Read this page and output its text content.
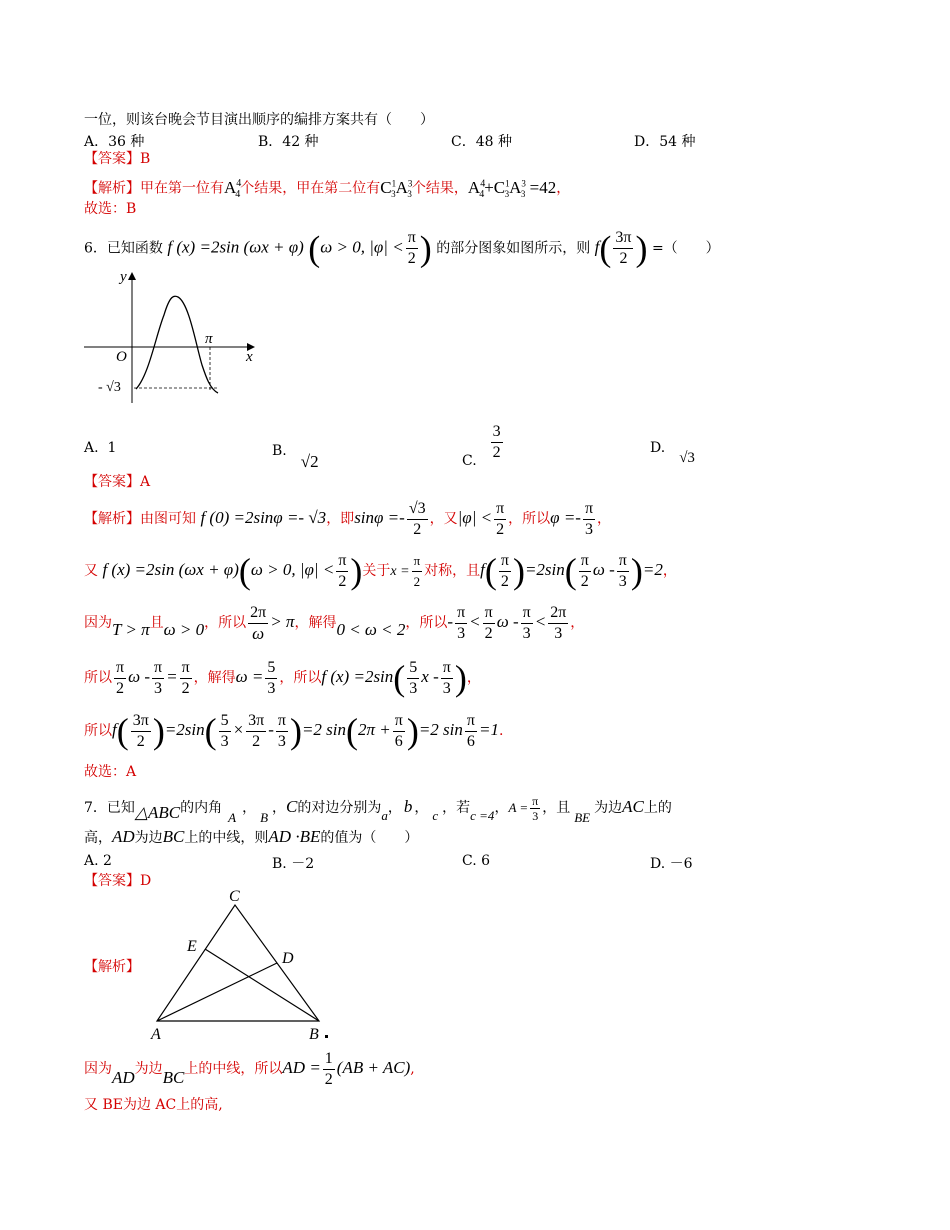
一位，则该台晚会节目演出顺序的编排方案共有（　　）
A．36 种	B．42 种	C．48 种	D．54 种
【答案】B
【解析】甲在第一位有$A^4_4$个结果，甲在第二位有$C^1_3A^3_3$个结果，$A^4_4+C^1_3A^3_3 =42$，
故选：B
6．已知函数 f (x) =2sin (ωx + φ) (ω > 0, $|\varphi| < \frac{\pi}{2}$ ) 的部分图象如图所示，则 $f( \frac{3\pi}{2}$ ) =（　　）
y
x
O
π
- √3
A. 1	B.√2	C. $\frac{3}{2}$	D.√3
【答案】A
【解析】由图可知 f (0) =2sinφ =- √3，即$\sin\varphi =- \frac{√3}{2}$ ，又$|\varphi| < \frac{\pi}{2}$ ，所以$\varphi =- \frac{\pi}{3}$ ，
又 f (x) =2sin (ωx + φ)(ω > 0, $|\varphi| < \frac{\pi}{2}$ )关于$x = \frac{\pi}{2}$ 对称，且$f( \frac{\pi}{2} )=2\sin( \frac{\pi}{2}$ $\omega - \frac{\pi}{3} )=2$，
因为T > π且ω > 0，所以 $\frac{2\pi}{\omega} > \pi$，解得0 < ω < 2，所以- $\frac{\pi}{3} < \frac{\pi}{2}$ $\omega - \frac{\pi}{3} < \frac{2\pi}{3}$ ，
所以 $\frac{\pi}{2}$ $\omega - \frac{\pi}{3} = \frac{\pi}{2}$ ，解得$\omega = \frac{5}{3}$ ，所以f $(x) =2\sin( \frac{5}{3}$ x - $\frac{\pi}{3}$ )，
所以$f( \frac{3\pi}{2} )=2\sin( \frac{5}{3} \times \frac{3\pi}{2} - \frac{\pi}{3} )=2$ $\sin(2\pi + \frac{\pi}{6} )=2$ $\sin \frac{\pi}{6} =1$.
故选：A
7．已知△ABC的内角A，B，C的对边分别为a， b ， c ，若c =4，$A = \frac{\pi}{3}$ ，且BE为边AC上的
高，AD为边BC上的中线，则AD ·BE的值为（　　）
A. 2	B. －2	C. 6	D. －6
【答案】D
【解析】
C
E
D
A	B
因为AD为边BC上的中线，所以AD = $\frac{1}{2} (AB + AC)$,
又 BE为边 AC上的高,
